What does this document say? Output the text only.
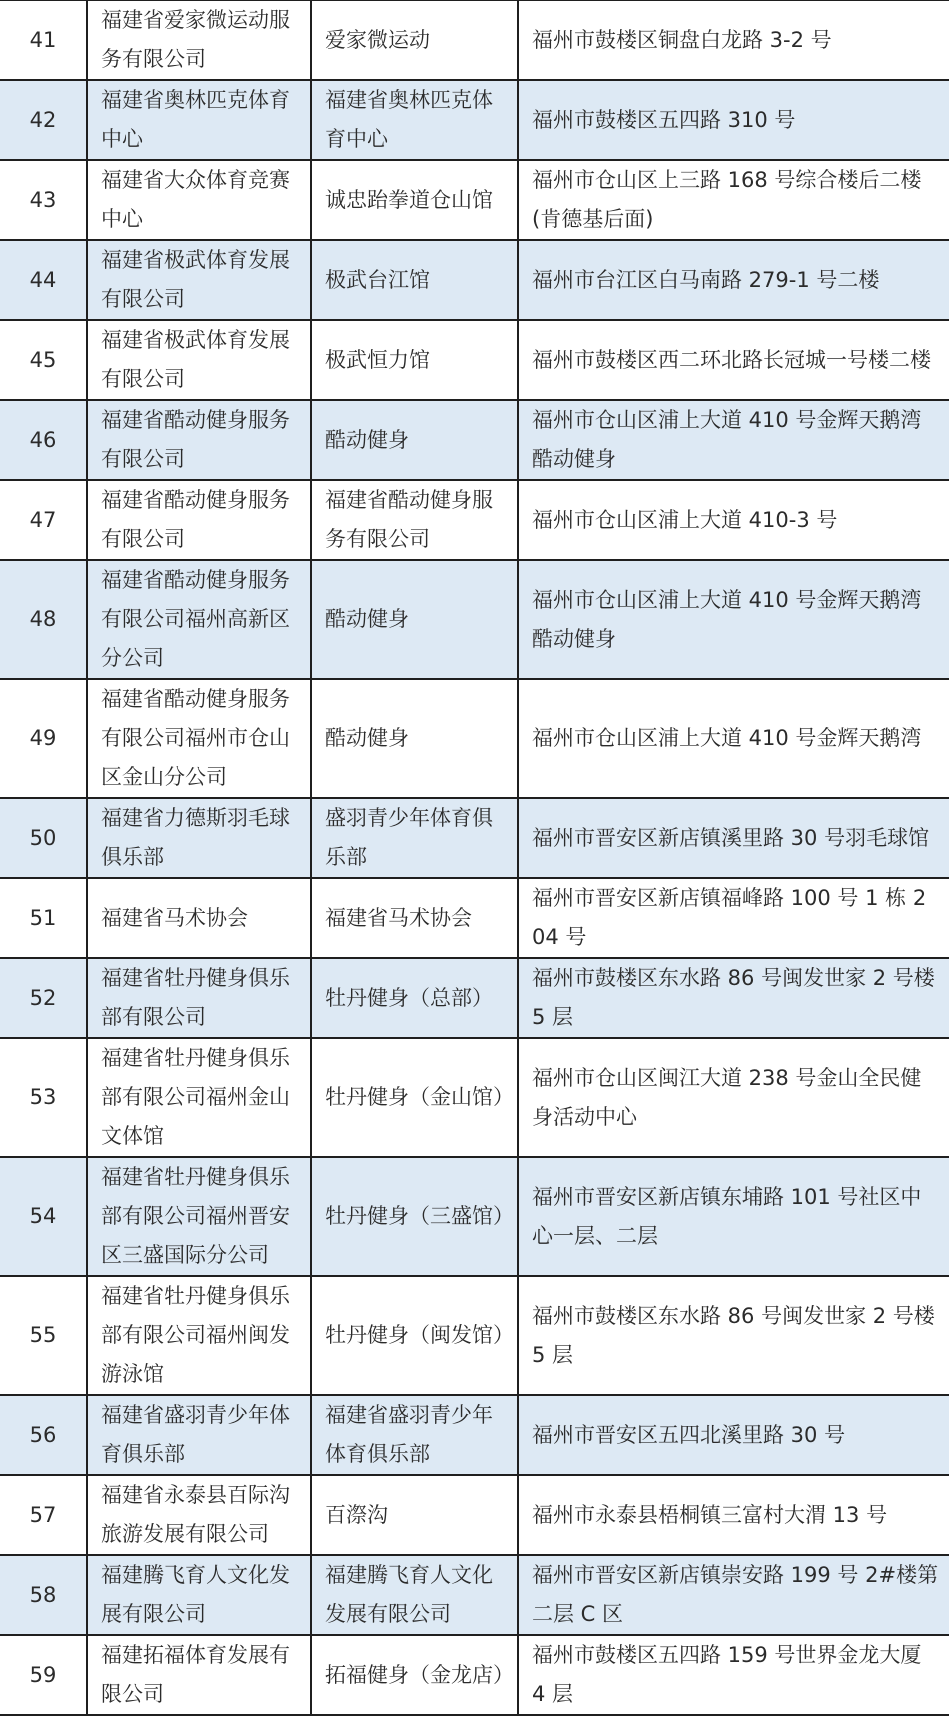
41	福建省爱家微运动服务有限公司	爱家微运动	福州市鼓楼区铜盘白龙路 3-2 号
42	福建省奥林匹克体育中心	福建省奥林匹克体育中心	福州市鼓楼区五四路 310 号
43	福建省大众体育竞赛中心	诚忠跆拳道仓山馆	福州市仓山区上三路 168 号综合楼后二楼(肯德基后面)
44	福建省极武体育发展有限公司	极武台江馆	福州市台江区白马南路 279-1 号二楼
45	福建省极武体育发展有限公司	极武恒力馆	福州市鼓楼区西二环北路长冠城一号楼二楼
46	福建省酷动健身服务有限公司	酷动健身	福州市仓山区浦上大道 410 号金辉天鹅湾酷动健身
47	福建省酷动健身服务有限公司	福建省酷动健身服务有限公司	福州市仓山区浦上大道 410-3 号
48	福建省酷动健身服务有限公司福州高新区分公司	酷动健身	福州市仓山区浦上大道 410 号金辉天鹅湾酷动健身
49	福建省酷动健身服务有限公司福州市仓山区金山分公司	酷动健身	福州市仓山区浦上大道 410 号金辉天鹅湾
50	福建省力德斯羽毛球俱乐部	盛羽青少年体育俱乐部	福州市晋安区新店镇溪里路 30 号羽毛球馆
51	福建省马术协会	福建省马术协会	福州市晋安区新店镇福峰路 100 号 1 栋 204 号
52	福建省牡丹健身俱乐部有限公司	牡丹健身（总部）	福州市鼓楼区东水路 86 号闽发世家 2 号楼 5 层
53	福建省牡丹健身俱乐部有限公司福州金山文体馆	牡丹健身（金山馆）	福州市仓山区闽江大道 238 号金山全民健身活动中心
54	福建省牡丹健身俱乐部有限公司福州晋安区三盛国际分公司	牡丹健身（三盛馆）	福州市晋安区新店镇东埔路 101 号社区中心一层、二层
55	福建省牡丹健身俱乐部有限公司福州闽发游泳馆	牡丹健身（闽发馆）	福州市鼓楼区东水路 86 号闽发世家 2 号楼 5 层
56	福建省盛羽青少年体育俱乐部	福建省盛羽青少年体育俱乐部	福州市晋安区五四北溪里路 30 号
57	福建省永泰县百际沟旅游发展有限公司	百漈沟	福州市永泰县梧桐镇三富村大渭 13 号
58	福建腾飞育人文化发展有限公司	福建腾飞育人文化发展有限公司	福州市晋安区新店镇崇安路 199 号 2#楼第二层 C 区
59	福建拓福体育发展有限公司	拓福健身（金龙店）	福州市鼓楼区五四路 159 号世界金龙大厦 4 层
